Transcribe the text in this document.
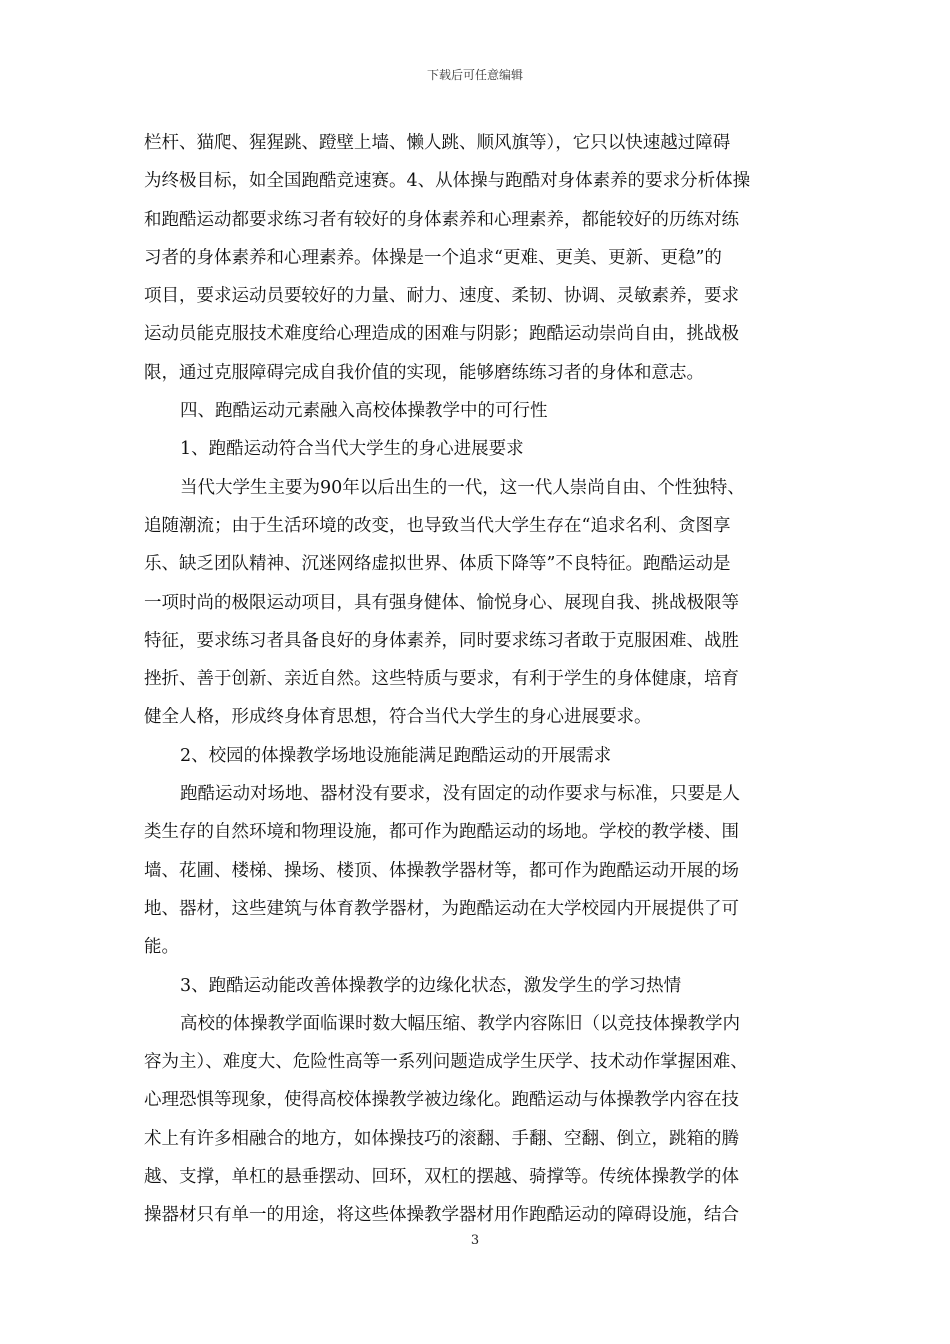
下载后可任意编辑
栏杆、猫爬、猩猩跳、蹬壁上墙、懒人跳、顺风旗等），它只以快速越过障碍
为终极目标，如全国跑酷竞速赛。4、从体操与跑酷对身体素养的要求分析体操
和跑酷运动都要求练习者有较好的身体素养和心理素养，都能较好的历练对练
习者的身体素养和心理素养。体操是一个追求“更难、更美、更新、更稳”的
项目，要求运动员要较好的力量、耐力、速度、柔韧、协调、灵敏素养，要求
运动员能克服技术难度给心理造成的困难与阴影；跑酷运动崇尚自由，挑战极
限，通过克服障碍完成自我价值的实现，能够磨练练习者的身体和意志。
四、跑酷运动元素融入高校体操教学中的可行性
1、跑酷运动符合当代大学生的身心进展要求
当代大学生主要为90年以后出生的一代，这一代人崇尚自由、个性独特、
追随潮流；由于生活环境的改变，也导致当代大学生存在“追求名利、贪图享
乐、缺乏团队精神、沉迷网络虚拟世界、体质下降等”不良特征。跑酷运动是
一项时尚的极限运动项目，具有强身健体、愉悦身心、展现自我、挑战极限等
特征，要求练习者具备良好的身体素养，同时要求练习者敢于克服困难、战胜
挫折、善于创新、亲近自然。这些特质与要求，有利于学生的身体健康，培育
健全人格，形成终身体育思想，符合当代大学生的身心进展要求。
2、校园的体操教学场地设施能满足跑酷运动的开展需求
跑酷运动对场地、器材没有要求，没有固定的动作要求与标准，只要是人
类生存的自然环境和物理设施，都可作为跑酷运动的场地。学校的教学楼、围
墙、花圃、楼梯、操场、楼顶、体操教学器材等，都可作为跑酷运动开展的场
地、器材，这些建筑与体育教学器材，为跑酷运动在大学校园内开展提供了可
能。
3、跑酷运动能改善体操教学的边缘化状态，激发学生的学习热情
高校的体操教学面临课时数大幅压缩、教学内容陈旧（以竞技体操教学内
容为主）、难度大、危险性高等一系列问题造成学生厌学、技术动作掌握困难、
心理恐惧等现象，使得高校体操教学被边缘化。跑酷运动与体操教学内容在技
术上有许多相融合的地方，如体操技巧的滚翻、手翻、空翻、倒立，跳箱的腾
越、支撑，单杠的悬垂摆动、回环，双杠的摆越、骑撑等。传统体操教学的体
操器材只有单一的用途，将这些体操教学器材用作跑酷运动的障碍设施，结合
3
